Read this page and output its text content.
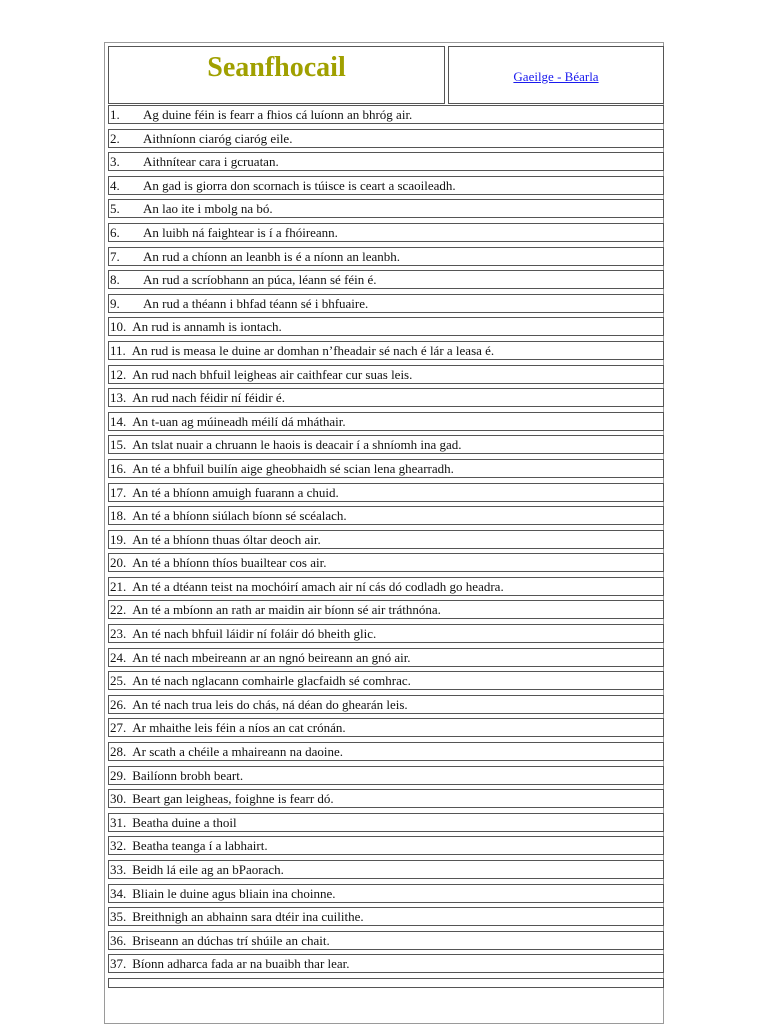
Seanfhocail	Gaeilge - Béarla
1. Ag duine féin is fearr a fhios cá luíonn an bhróg air.
2. Aithníonn ciaróg ciaróg eile.
3. Aithnítear cara i gcruatan.
4. An gad is giorra don scornach is túisce is ceart a scaoileadh.
5. An lao ite i mbolg na bó.
6. An luibh ná faightear is í a fhóireann.
7. An rud a chíonn an leanbh is é a níonn an leanbh.
8. An rud a scríobhann an púca, léann sé féin é.
9. An rud a théann i bhfad téann sé i bhfuaire.
10. An rud is annamh is iontach.
11. An rud is measa le duine ar domhan n’fheadair sé nach é lár a leasa é.
12. An rud nach bhfuil leigheas air caithfear cur suas leis.
13. An rud nach féidir ní féidir é.
14. An t-uan ag múineadh méilí dá mháthair.
15. An tslat nuair a chruann le haois is deacair í a shníomh ina gad.
16. An té a bhfuil builín aige gheobhaidh sé scian lena ghearradh.
17. An té a bhíonn amuigh fuarann a chuid.
18. An té a bhíonn siúlach bíonn sé scéalach.
19. An té a bhíonn thuas óltar deoch air.
20. An té a bhíonn thíos buailtear cos air.
21. An té a dtéann teist na mochóirí amach air ní cás dó codladh go headra.
22. An té a mbíonn an rath ar maidin air bíonn sé air tráthnóna.
23. An té nach bhfuil láidir ní foláir dó bheith glic.
24. An té nach mbeireann ar an ngnó beireann an gnó air.
25. An té nach nglacann comhairle glacfaidh sé comhrac.
26. An té nach trua leis do chás, ná déan do ghearán leis.
27. Ar mhaithe leis féin a níos an cat crónán.
28. Ar scath a chéile a mhaireann na daoine.
29. Bailíonn brobh beart.
30. Beart gan leigheas, foighne is fearr dó.
31. Beatha duine a thoil
32. Beatha teanga í a labhairt.
33. Beidh lá eile ag an bPaorach.
34. Bliain le duine agus bliain ina choinne.
35. Breithnigh an abhainn sara dtéir ina cuilithe.
36. Briseann an dúchas trí shúile an chait.
37. Bíonn adharca fada ar na buaibh thar lear.
